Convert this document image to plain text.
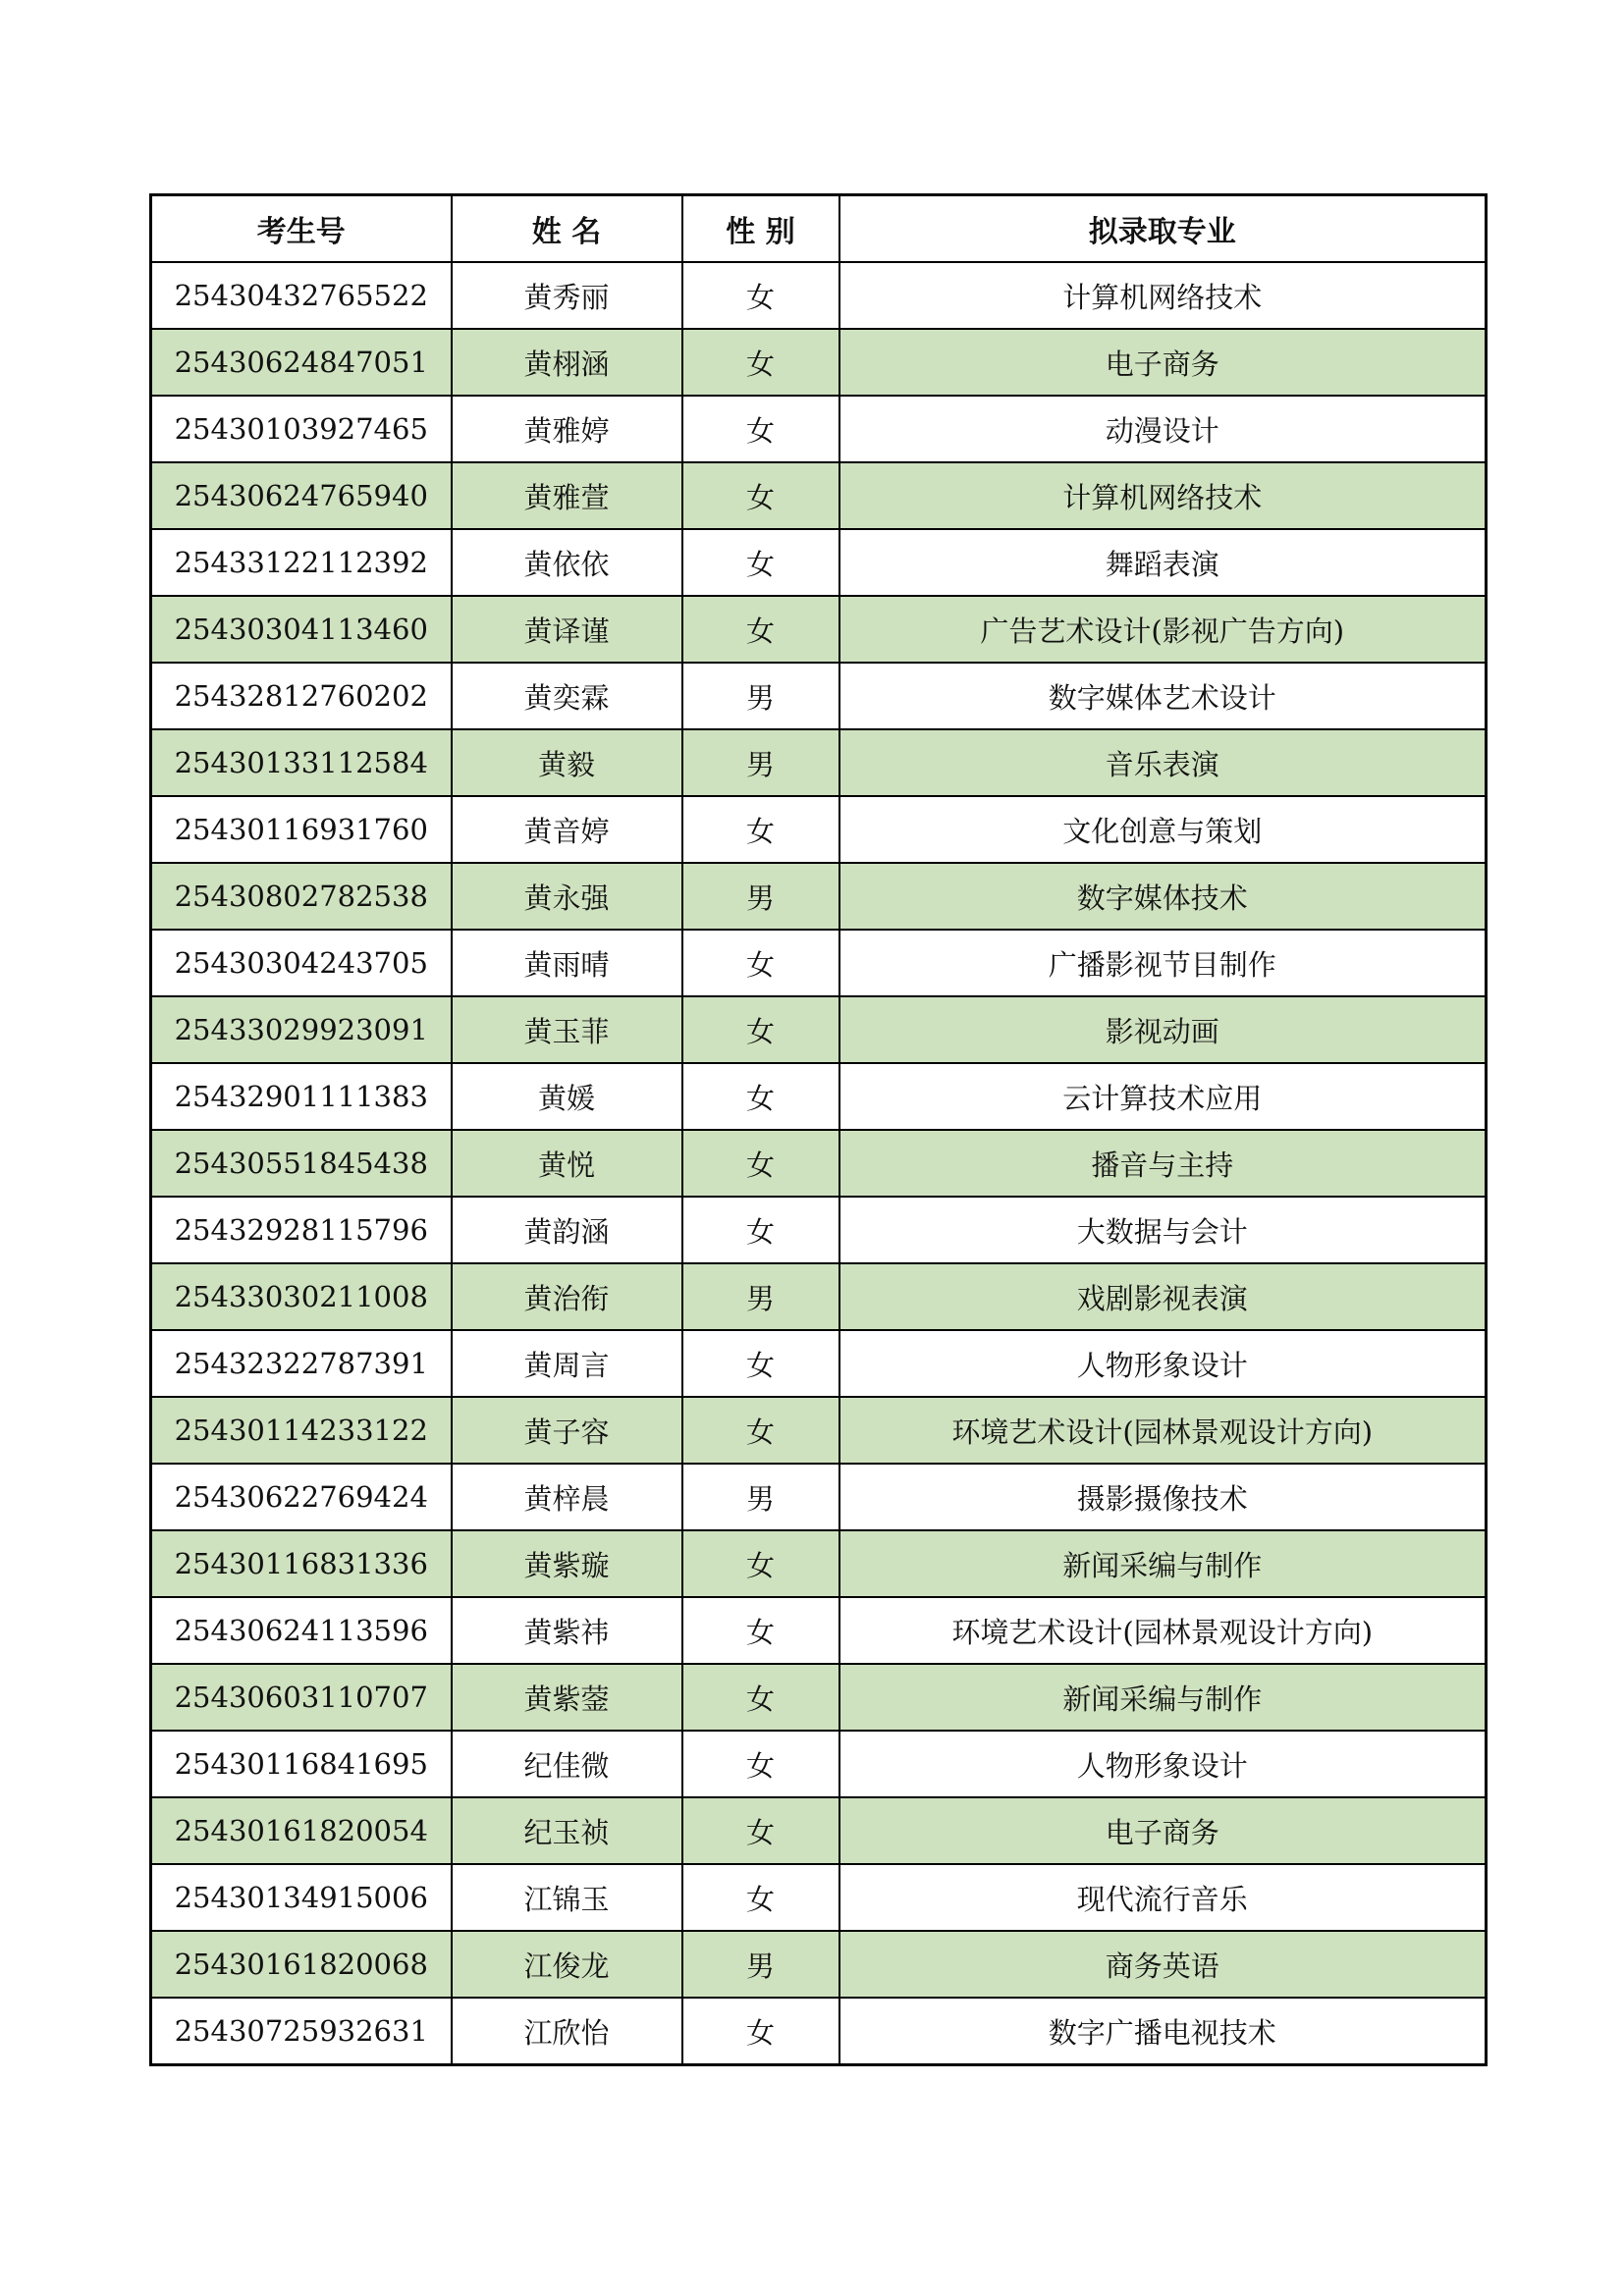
考生号	姓 名	性 别	拟录取专业
25430432765522	黄秀丽	女	计算机网络技术
25430624847051	黄栩涵	女	电子商务
25430103927465	黄雅婷	女	动漫设计
25430624765940	黄雅萱	女	计算机网络技术
25433122112392	黄依依	女	舞蹈表演
25430304113460	黄译谨	女	广告艺术设计(影视广告方向)
25432812760202	黄奕霖	男	数字媒体艺术设计
25430133112584	黄毅	男	音乐表演
25430116931760	黄音婷	女	文化创意与策划
25430802782538	黄永强	男	数字媒体技术
25430304243705	黄雨晴	女	广播影视节目制作
25433029923091	黄玉菲	女	影视动画
25432901111383	黄媛	女	云计算技术应用
25430551845438	黄悦	女	播音与主持
25432928115796	黄韵涵	女	大数据与会计
25433030211008	黄治衔	男	戏剧影视表演
25432322787391	黄周言	女	人物形象设计
25430114233122	黄子容	女	环境艺术设计(园林景观设计方向)
25430622769424	黄梓晨	男	摄影摄像技术
25430116831336	黄紫璇	女	新闻采编与制作
25430624113596	黄紫祎	女	环境艺术设计(园林景观设计方向)
25430603110707	黄紫蓥	女	新闻采编与制作
25430116841695	纪佳微	女	人物形象设计
25430161820054	纪玉祯	女	电子商务
25430134915006	江锦玉	女	现代流行音乐
25430161820068	江俊龙	男	商务英语
25430725932631	江欣怡	女	数字广播电视技术
